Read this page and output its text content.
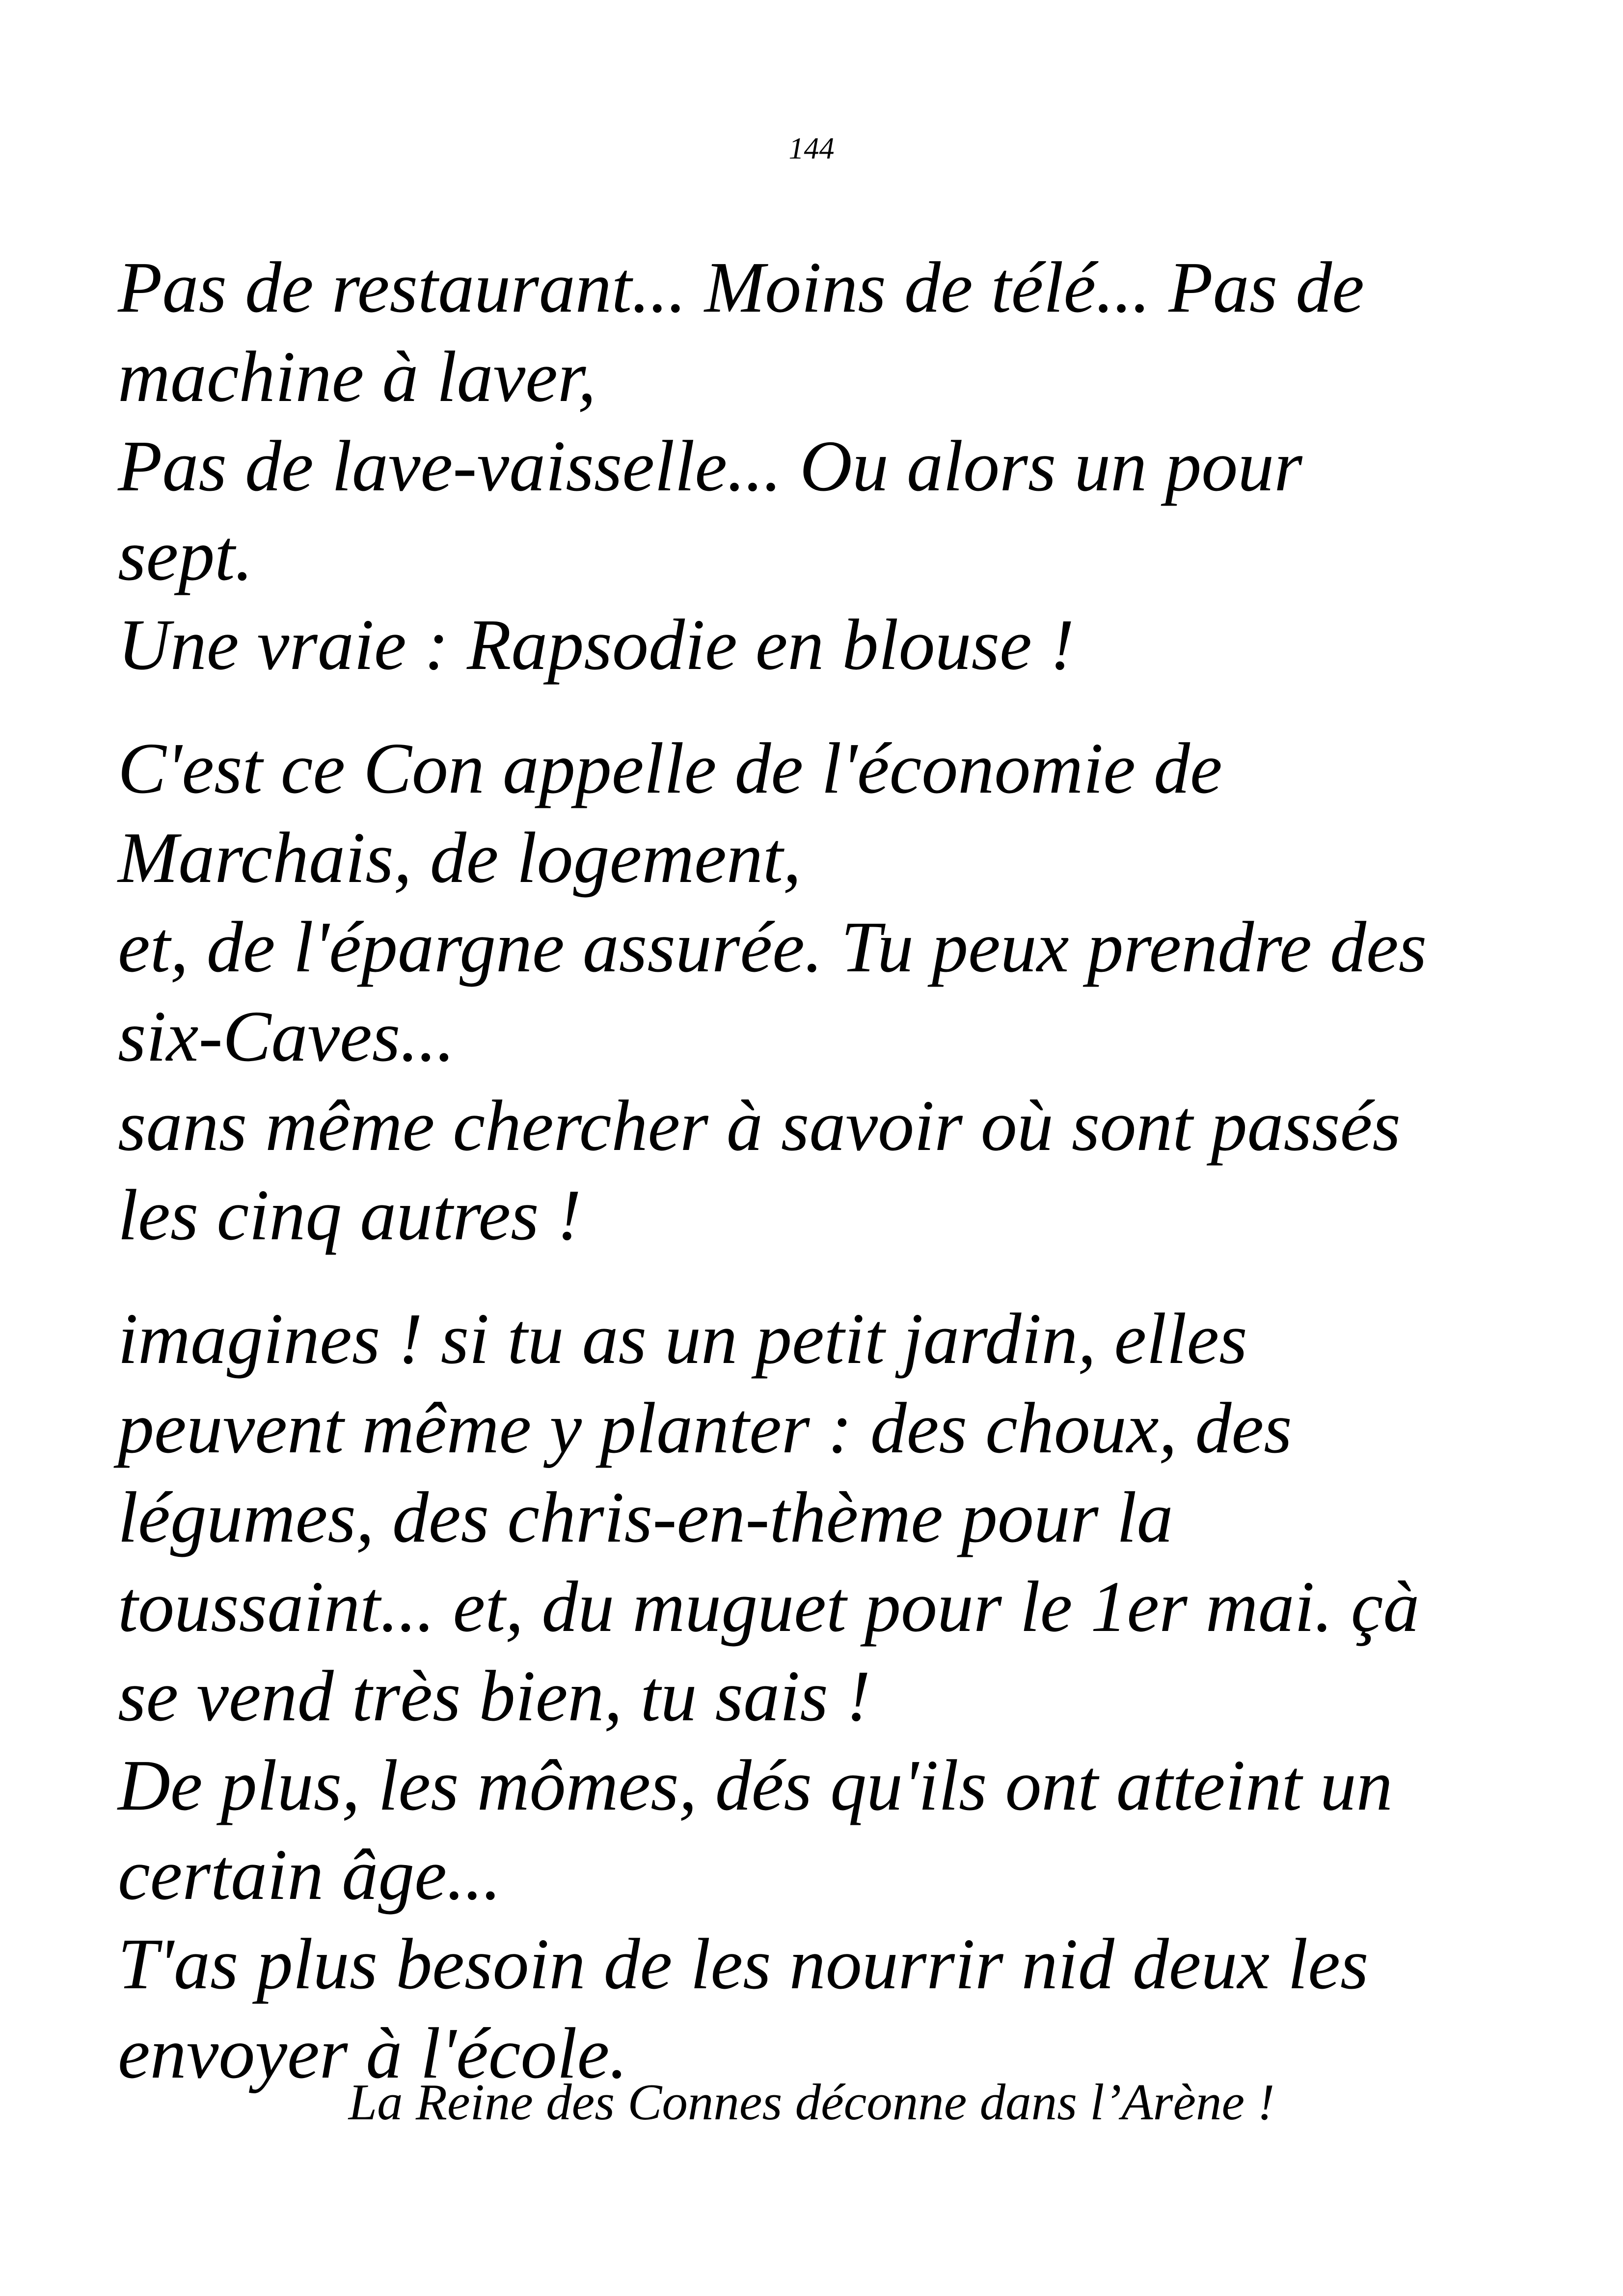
144

Pas de restaurant... Moins de télé... Pas de
machine à laver,
Pas de lave-vaisselle... Ou alors un pour
sept.
Une vraie : Rapsodie en blouse !

C'est ce Con appelle de l'économie de
Marchais, de logement,
et, de l'épargne assurée. Tu peux prendre des
six-Caves...
sans même chercher à savoir où sont passés
les cinq autres !

imagines ! si tu as un petit jardin, elles
peuvent même y planter : des choux, des
légumes, des chris-en-thème pour la
toussaint... et, du muguet pour le 1er mai. çà
se vend très bien, tu sais !
De plus, les mômes, dés qu'ils ont atteint un
certain âge...
T'as plus besoin de les nourrir nid deux les
envoyer à l'école.

La Reine des Connes déconne dans l’Arène !
